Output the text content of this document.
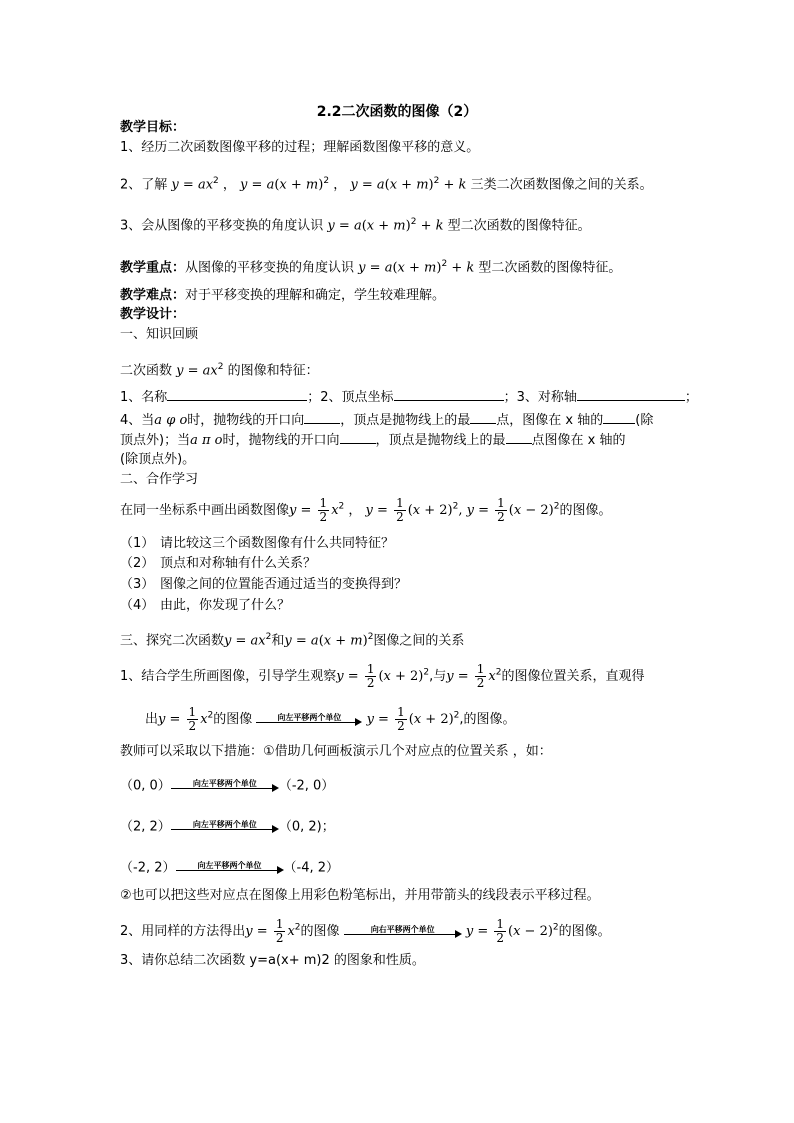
2.2二次函数的图像（2）
教学目标：
1、经历二次函数图像平移的过程；理解函数图像平移的意义。
2、了解 $y = ax^2$ ， $y = a(x + m)^2$ ， $y = a(x + m)^2 + k$ 三类二次函数图像之间的关系。
3、会从图像的平移变换的角度认识 $y = a(x + m)^2 + k$ 型二次函数的图像特征。
教学重点：从图像的平移变换的角度认识 $y = a(x + m)^2 + k$ 型二次函数的图像特征。
教学难点：对于平移变换的理解和确定，学生较难理解。
教学设计：
一、知识回顾
二次函数 $y = ax^2$ 的图像和特征：
1、名称	；2、顶点坐标	；3、对称轴	；
4、当a φ o时，抛物线的开口向	，顶点是抛物线上的最 点，图像在 x 轴的 (除
顶点外)；当a π o时，抛物线的开口向	，顶点是抛物线上的最 点图像在 x 轴的
(除顶点外)。
二、合作学习
在同一坐标系中画出函数图像$y = \frac{1}{2} x^2$ ， $y = \frac{1}{2} (x + 2)^2$, $y = \frac{1}{2} (x - 2)^2$的图像。
（1） 请比较这三个函数图像有什么共同特征？
（2） 顶点和对称轴有什么关系？
（3） 图像之间的位置能否通过适当的变换得到？
（4） 由此，你发现了什么？
三、探究二次函数$y = ax^2$和$y = a(x + m)^2$图像之间的关系
1、结合学生所画图像，引导学生观察$y = \frac{1}{2} (x + 2)^2$,与$y = \frac{1}{2} x^2$的图像位置关系，直观得
出$y = \frac{1}{2} x^2$的图像	向左平移两个单位	$y = \frac{1}{2} (x + 2)^2$,的图像。
教师可以采取以下措施：①借助几何画板演示几个对应点的位置关系 ，如：
（0, 0）	向左平移两个单位	（-2, 0）
（2, 2）	向左平移两个单位	（0, 2)；
（-2, 2）	向左平移两个单位	（-4, 2）
②也可以把这些对应点在图像上用彩色粉笔标出，并用带箭头的线段表示平移过程。
2、用同样的方法得出$y = \frac{1}{2} x^2$的图像	向右平移两个单位	$y = \frac{1}{2} (x - 2)^2$的图像。
3、请你总结二次函数 y=a(x+ m)2 的图象和性质。
